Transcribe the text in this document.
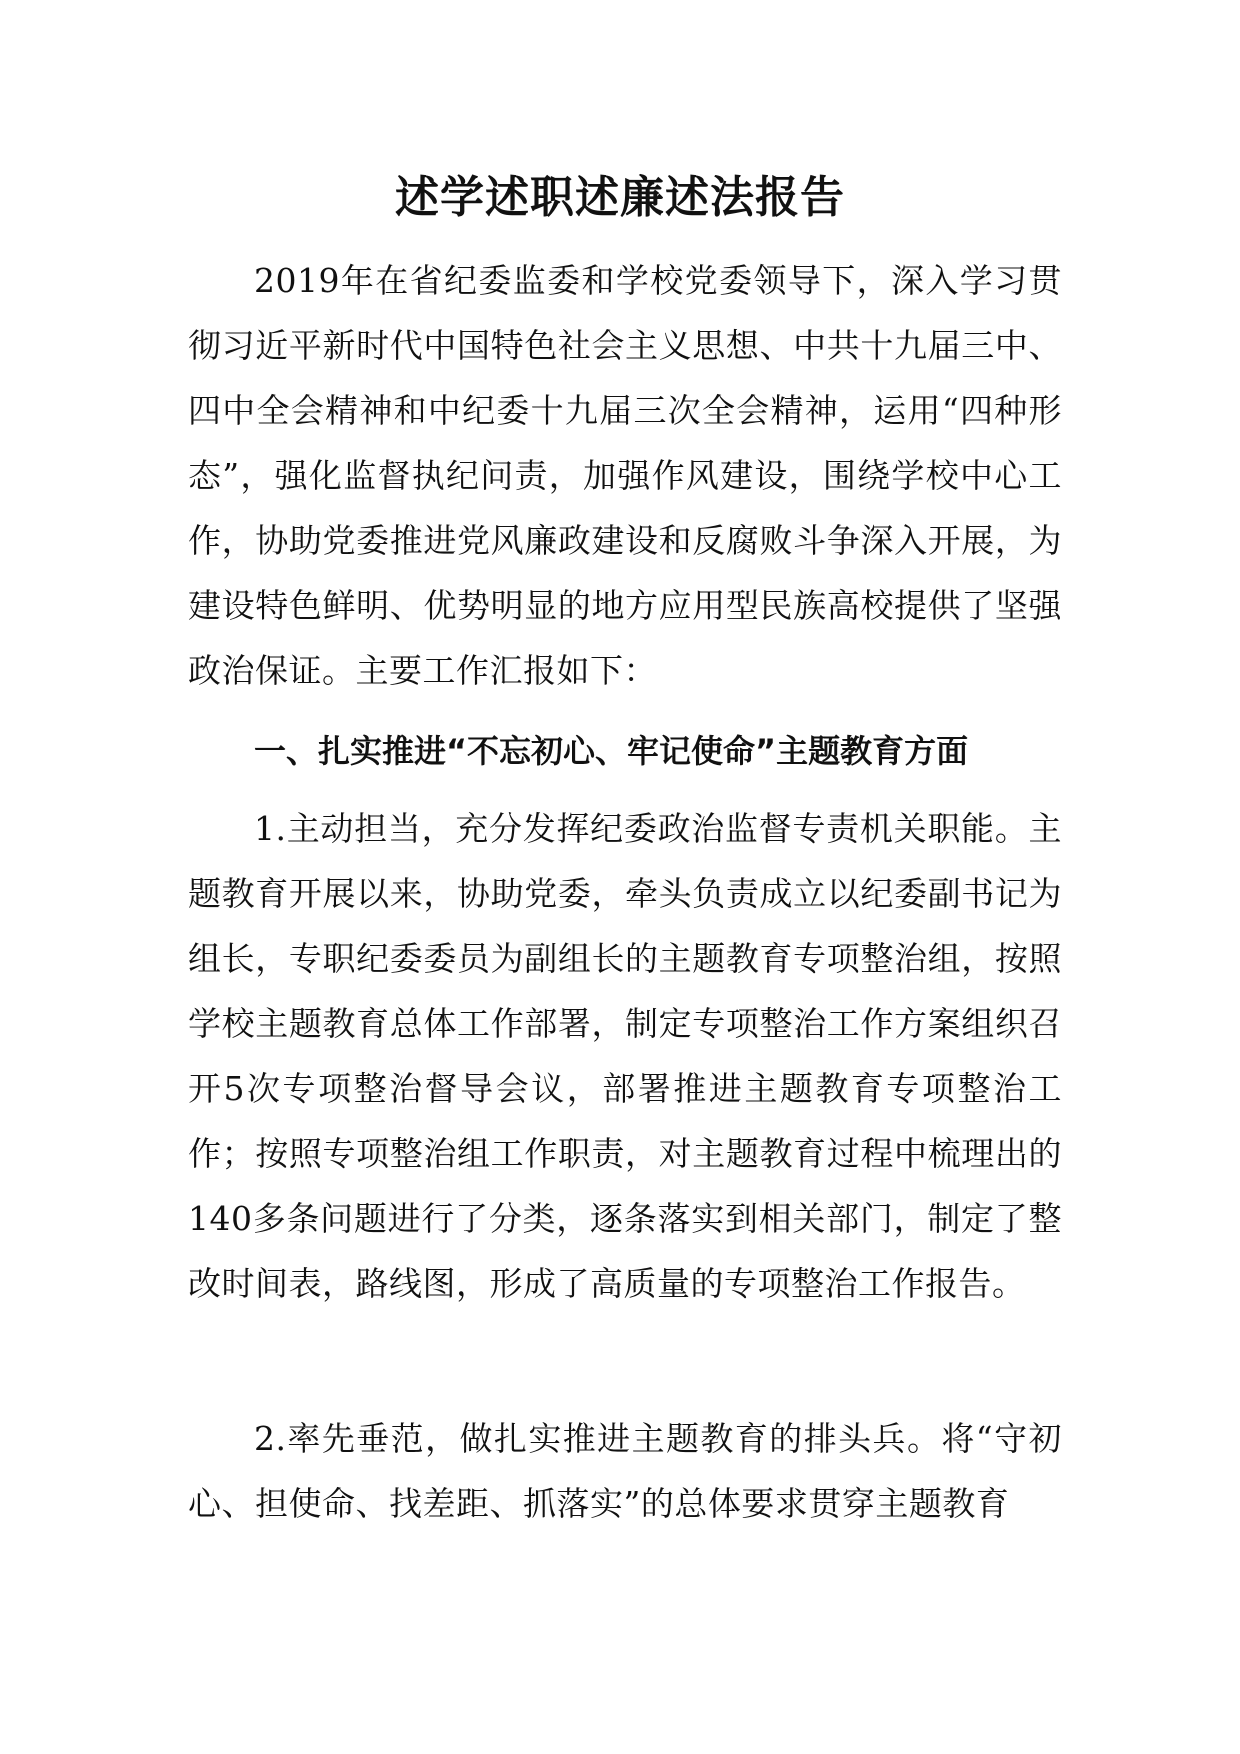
述学述职述廉述法报告

2019年在省纪委监委和学校党委领导下，深入学习贯彻习近平新时代中国特色社会主义思想、中共十九届三中、四中全会精神和中纪委十九届三次全会精神，运用“四种形态”，强化监督执纪问责，加强作风建设，围绕学校中心工作，协助党委推进党风廉政建设和反腐败斗争深入开展，为建设特色鲜明、优势明显的地方应用型民族高校提供了坚强政治保证。主要工作汇报如下：

一、扎实推进“不忘初心、牢记使命”主题教育方面

1.主动担当，充分发挥纪委政治监督专责机关职能。主题教育开展以来，协助党委，牵头负责成立以纪委副书记为组长，专职纪委委员为副组长的主题教育专项整治组，按照学校主题教育总体工作部署，制定专项整治工作方案组织召开5次专项整治督导会议，部署推进主题教育专项整治工作；按照专项整治组工作职责，对主题教育过程中梳理出的140多条问题进行了分类，逐条落实到相关部门，制定了整改时间表，路线图，形成了高质量的专项整治工作报告。

2.率先垂范，做扎实推进主题教育的排头兵。将“守初心、担使命、找差距、抓落实”的总体要求贯穿主题教育
